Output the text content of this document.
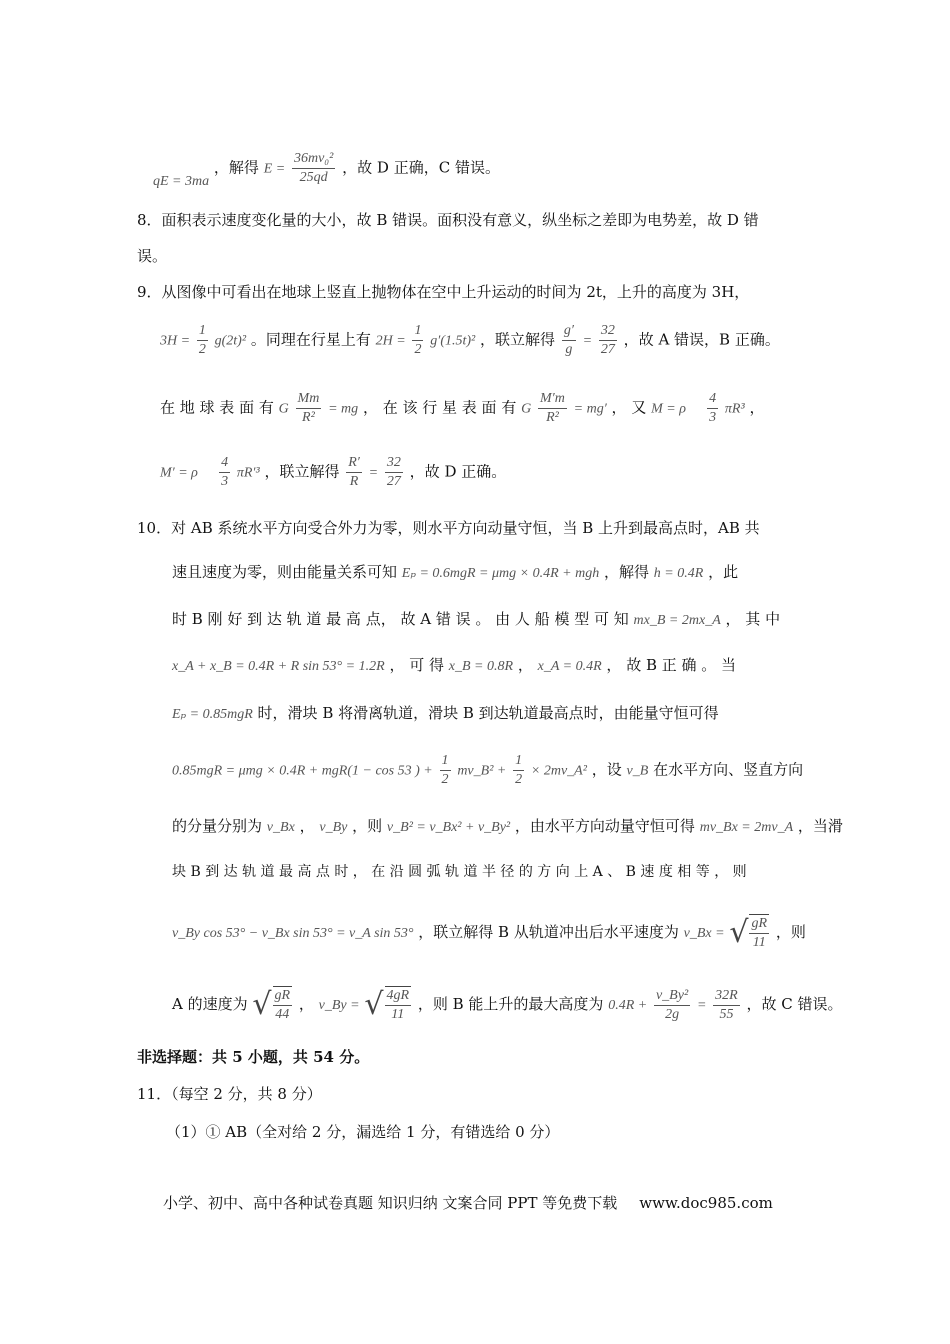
qE = 3ma ，解得 $E = \frac{\text{36mv₀²}}{25qd}$ ，故 D 正确，C 错误。
8．面积表示速度变化量的大小，故 B 错误。面积没有意义，纵坐标之差即为电势差，故 D 错
误。
9．从图像中可看出在地球上竖直上抛物体在空中上升运动的时间为 2t，上升的高度为 3H，
$3H = \frac{1}{2} g(2t)^2$ 。同理在行星上有 $2H = \frac{1}{2} g'(1.5t)^2$ ，联立解得 $\frac{g'}{g} = \frac{32}{27}$ ，故 A 错误，B 正确。
在 地 球 表 面 有 G $\frac{Mm}{\text{R²}}$ = mg ， 在 该 行 星 表 面 有 G $\frac{M'm}{\text{R²}} = mg'$ ， 又 M = ρ 􀀂 $\frac{4}{3} \pi R^3$ ，
M′ = ρ 􀀂 $\frac{4}{3} \pi R'^3$ ，联立解得 $\frac{R'}{R} = \frac{32}{27}$ ，故 D 正确。
10．对 AB 系统水平方向受合外力为零，则水平方向动量守恒，当 B 上升到最高点时，AB 共
速且速度为零，则由能量关系可知 Eₚ = 0.6mgR = μmg × 0.4R + mgh ，解得 h = 0.4R ，此
时 B 刚 好 到 达 轨 道 最 高 点， 故 A 错 误 。 由 人 船 模 型 可 知 mx_B = 2mx_A ， 其 中
x_A + x_B = 0.4R + R sin 53° = 1.2R ， 可 得 x_B = 0.8R ， x_A = 0.4R ， 故 B 正 确 。 当
Eₚ = 0.85mgR 时，滑块 B 将滑离轨道，滑块 B 到达轨道最高点时，由能量守恒可得
0.85mgR = μmg × 0.4R + mgR(1 − cos 53 ) + $\frac{1}{2}$ mv_B² + $\frac{1}{2}$ × 2mv_A² ，设 v_B 在水平方向、竖直方向
的分量分别为 v_Bx ， v_By ，则 v_B² = v_Bx² + v_By² ，由水平方向动量守恒可得 mv_Bx = 2mv_A ，当滑
块 B 到 达 轨 道 最 高 点 时 ， 在 沿 圆 弧 轨 道 半 径 的 方 向 上 A 、 B 速 度 相 等 ， 则
v_By cos 53° − v_Bx sin 53° = v_A sin 53° ，联立解得 B 从轨道冲出后水平速度为 v_Bx = √ $\frac{gR}{11}$ ，则
A 的速度为 √ $\frac{gR}{44}$ ， v_By = √ $\frac{4gR}{11}$ ，则 B 能上升的最大高度为 $0.4R + \frac{\text{v\_By²}}{2g} = \frac{32R}{55}$ ，故 C 错误。
非选择题：共 5 小题，共 54 分。
11．（每空 2 分，共 8 分）
（1）① AB（全对给 2 分，漏选给 1 分，有错选给 0 分）
小学、初中、高中各种试卷真题 知识归纳 文案合同 PPT 等免费下载 www.doc985.com
